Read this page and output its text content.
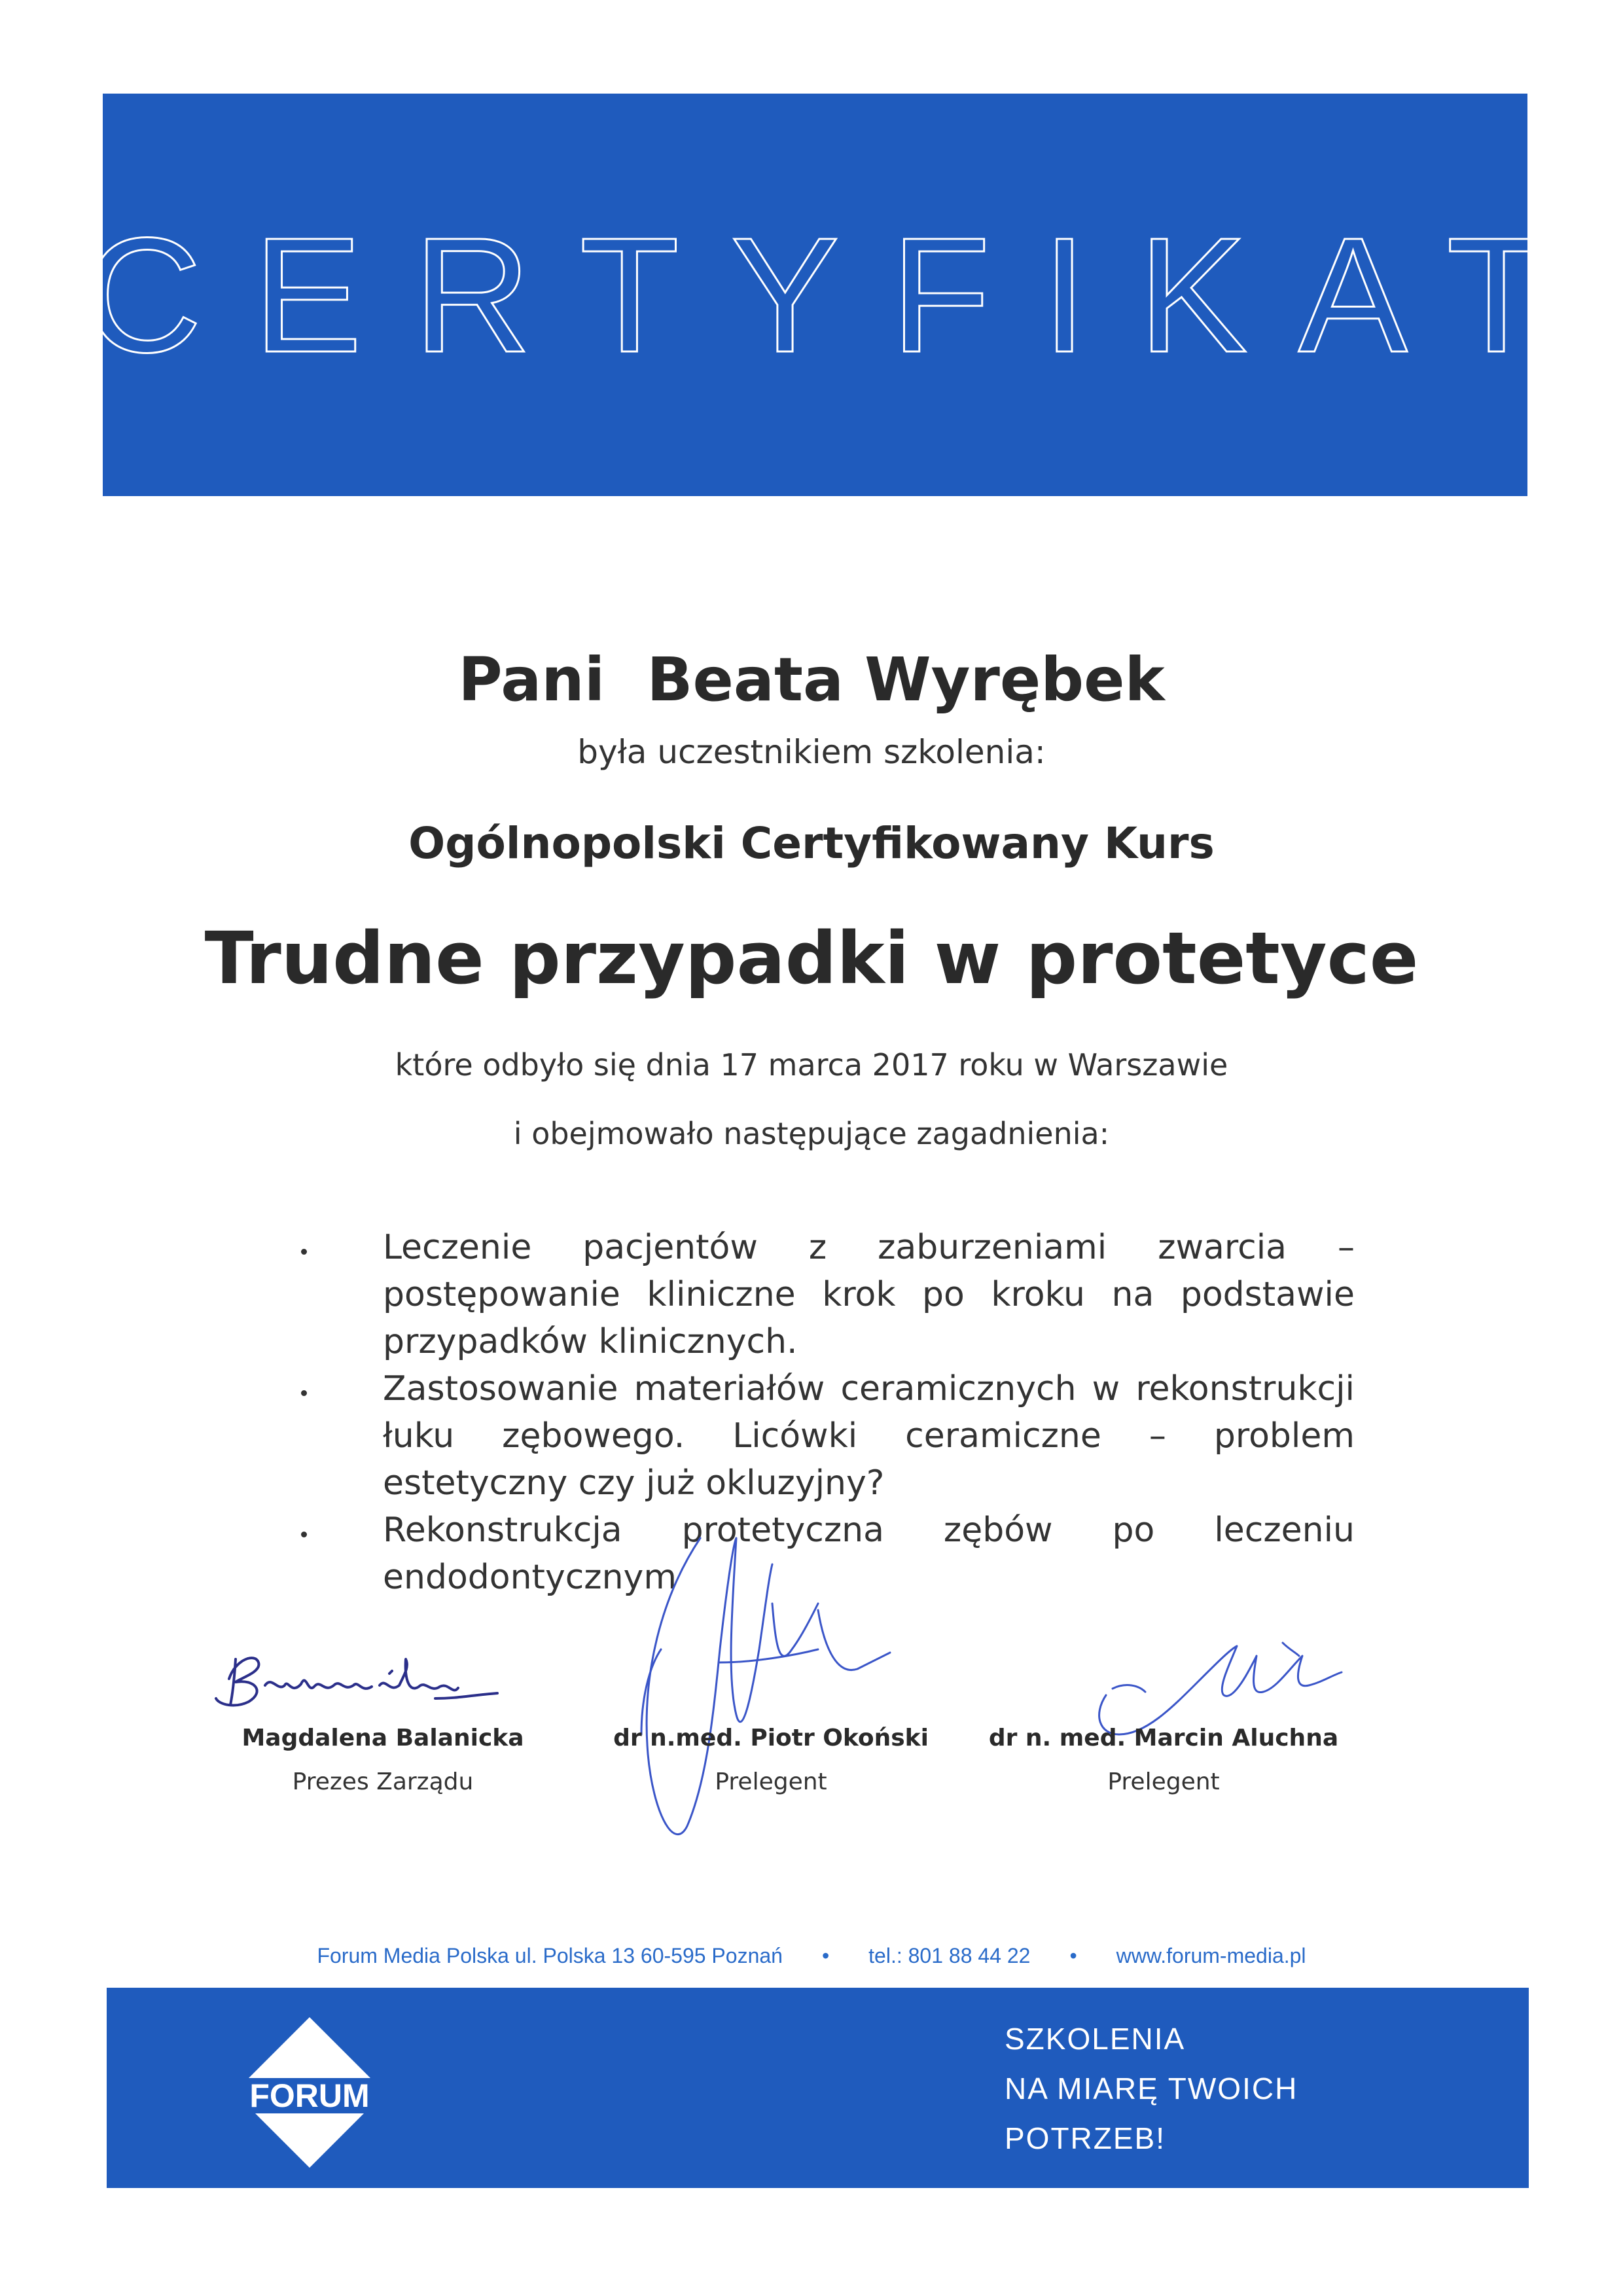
CERTYFIKAT
Pani  Beata Wyrębek
była uczestnikiem szkolenia:
Ogólnopolski Certyfikowany Kurs
Trudne przypadki w protetyce
które odbyło się dnia 17 marca 2017 roku w Warszawie
i obejmowało następujące zagadnienia:
Leczenie pacjentów z zaburzeniami zwarcia – postępowanie kliniczne krok po kroku na podstawie przypadków klinicznych.
Zastosowanie materiałów ceramicznych w rekonstrukcji łuku zębowego. Licówki ceramiczne – problem estetyczny czy już okluzyjny?
Rekonstrukcja protetyczna zębów po leczeniu endodontycznym
Magdalena Balanicka
Prezes Zarządu
dr n.med. Piotr Okoński
Prelegent
dr n. med. Marcin Aluchna
Prelegent
Forum Media Polska ul. Polska 13 60-595 Poznań • tel.: 801 88 44 22 • www.forum-media.pl
FORUM
SZKOLENIA
NA MIARĘ TWOICH
POTRZEB!
